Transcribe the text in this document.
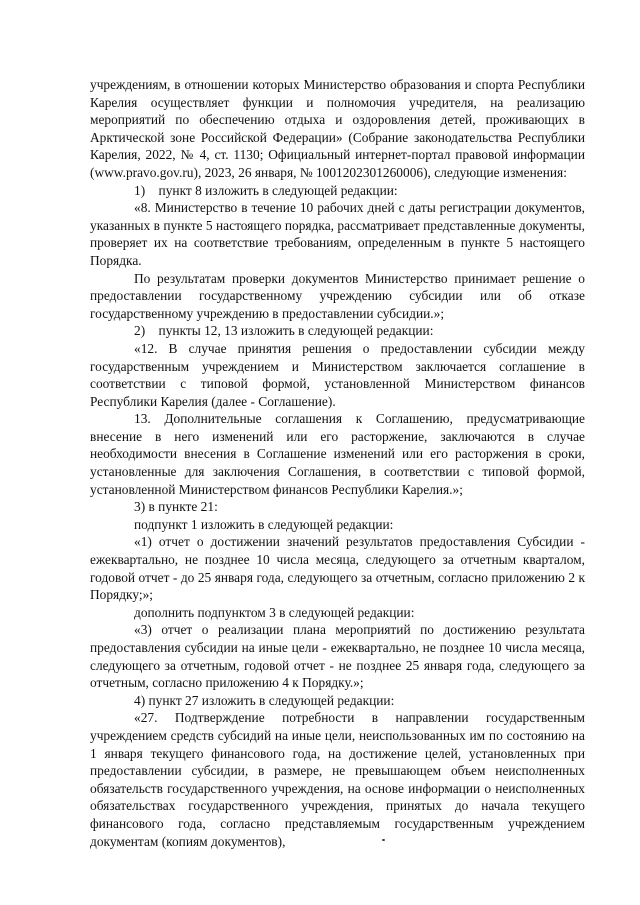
учреждениям, в отношении которых Министерство образования и спорта Республики Карелия осуществляет функции и полномочия учредителя, на реализацию мероприятий по обеспечению отдыха и оздоровления детей, проживающих в Арктической зоне Российской Федерации» (Собрание законодательства Республики Карелия, 2022, № 4, ст. 1130; Официальный интернет-портал правовой информации (www.pravo.gov.ru), 2023, 26 января, № 1001202301260006), следующие изменения:

1)    пункт 8 изложить в следующей редакции:

«8. Министерство в течение 10 рабочих дней с даты регистрации документов, указанных в пункте 5 настоящего порядка, рассматривает представленные документы, проверяет их на соответствие требованиям, определенным в пункте 5 настоящего Порядка.

По результатам проверки документов Министерство принимает решение о предоставлении государственному учреждению субсидии или об отказе государственному учреждению в предоставлении субсидии.»;

2)    пункты 12, 13 изложить в следующей редакции:

«12. В случае принятия решения о предоставлении субсидии между государственным учреждением и Министерством заключается соглашение в соответствии с типовой формой, установленной Министерством финансов Республики Карелия (далее - Соглашение).

13. Дополнительные соглашения к Соглашению, предусматривающие внесение в него изменений или его расторжение, заключаются в случае необходимости внесения в Соглашение изменений или его расторжения в сроки, установленные для заключения Соглашения, в соответствии с типовой формой, установленной Министерством финансов Республики Карелия.»;

3) в пункте 21:

подпункт 1 изложить в следующей редакции:

«1) отчет о достижении значений результатов предоставления Субсидии - ежеквартально, не позднее 10 числа месяца, следующего за отчетным кварталом, годовой отчет - до 25 января года, следующего за отчетным, согласно приложению 2 к Порядку;»;

дополнить подпунктом 3 в следующей редакции:

«3) отчет о реализации плана мероприятий по достижению результата предоставления субсидии на иные цели - ежеквартально, не позднее 10 числа месяца, следующего за отчетным, годовой отчет - не позднее 25 января года, следующего за отчетным, согласно приложению 4 к Порядку.»;

4) пункт 27 изложить в следующей редакции:

«27. Подтверждение потребности в направлении государственным учреждением средств субсидий на иные цели, неиспользованных им по состоянию на 1 января текущего финансового года, на достижение целей, установленных при предоставлении субсидии, в размере, не превышающем объем неисполненных обязательств государственного учреждения, на основе информации о неисполненных обязательствах государственного учреждения, принятых до начала текущего финансового года, согласно представляемым государственным учреждением документам (копиям документов),
